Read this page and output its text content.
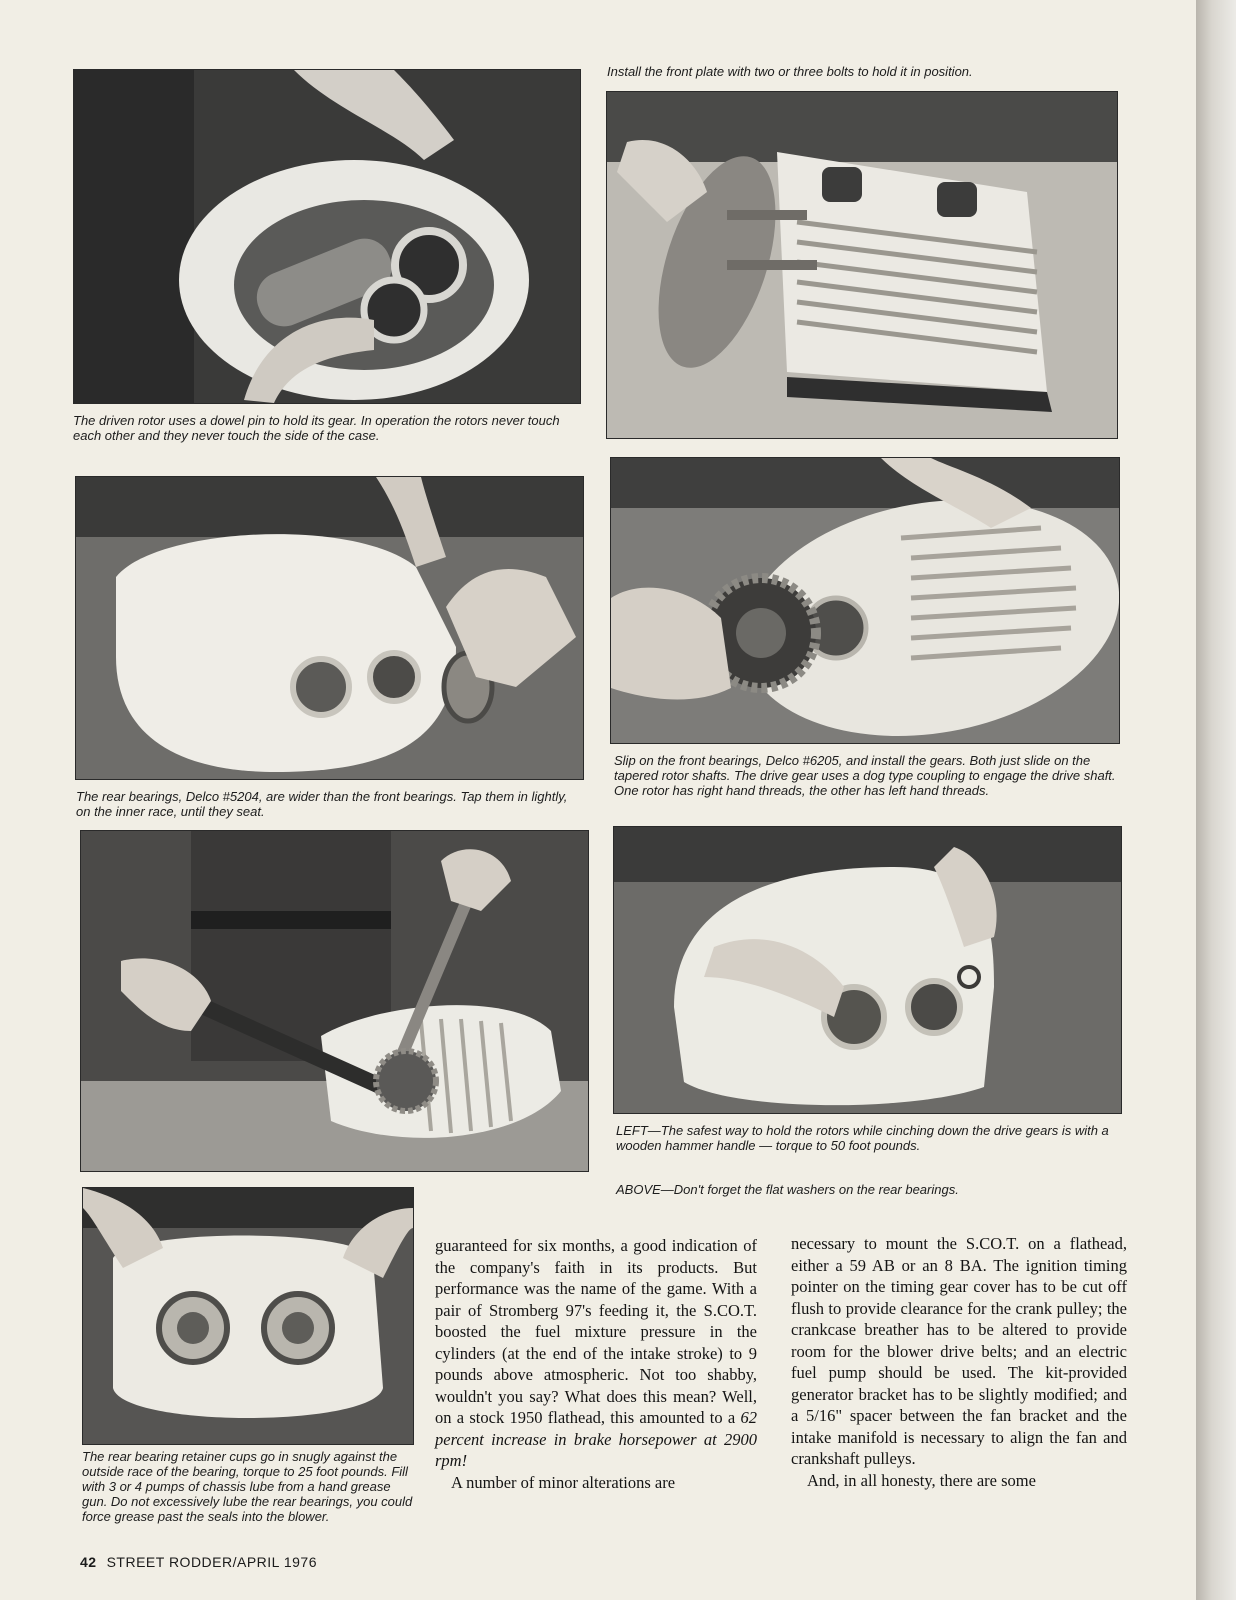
The driven rotor uses a dowel pin to hold its gear. In operation the rotors never touch each other and they never touch the side of the case.

Install the front plate with two or three bolts to hold it in position.

The rear bearings, Delco #5204, are wider than the front bearings. Tap them in lightly, on the inner race, until they seat.

Slip on the front bearings, Delco #6205, and install the gears. Both just slide on the tapered rotor shafts. The drive gear uses a dog type coupling to engage the drive shaft. One rotor has right hand threads, the other has left hand threads.

LEFT—The safest way to hold the rotors while cinching down the drive gears is with a wooden hammer handle — torque to 50 foot pounds.

ABOVE—Don't forget the flat washers on the rear bearings.

The rear bearing retainer cups go in snugly against the outside race of the bearing, torque to 25 foot pounds. Fill with 3 or 4 pumps of chassis lube from a hand grease gun. Do not excessively lube the rear bearings, you could force grease past the seals into the blower.

guaranteed for six months, a good indication of the company's faith in its products. But performance was the name of the game. With a pair of Stromberg 97's feeding it, the S.CO.T. boosted the fuel mixture pressure in the cylinders (at the end of the intake stroke) to 9 pounds above atmospheric. Not too shabby, wouldn't you say? What does this mean? Well, on a stock 1950 flathead, this amounted to a 62 percent increase in brake horsepower at 2900 rpm!
A number of minor alterations are

necessary to mount the S.CO.T. on a flathead, either a 59 AB or an 8 BA. The ignition timing pointer on the timing gear cover has to be cut off flush to provide clearance for the crank pulley; the crankcase breather has to be altered to provide room for the blower drive belts; and an electric fuel pump should be used. The kit-provided generator bracket has to be slightly modified; and a 5/16" spacer between the fan bracket and the intake manifold is necessary to align the fan and crankshaft pulleys.
And, in all honesty, there are some

42 STREET RODDER/APRIL 1976
